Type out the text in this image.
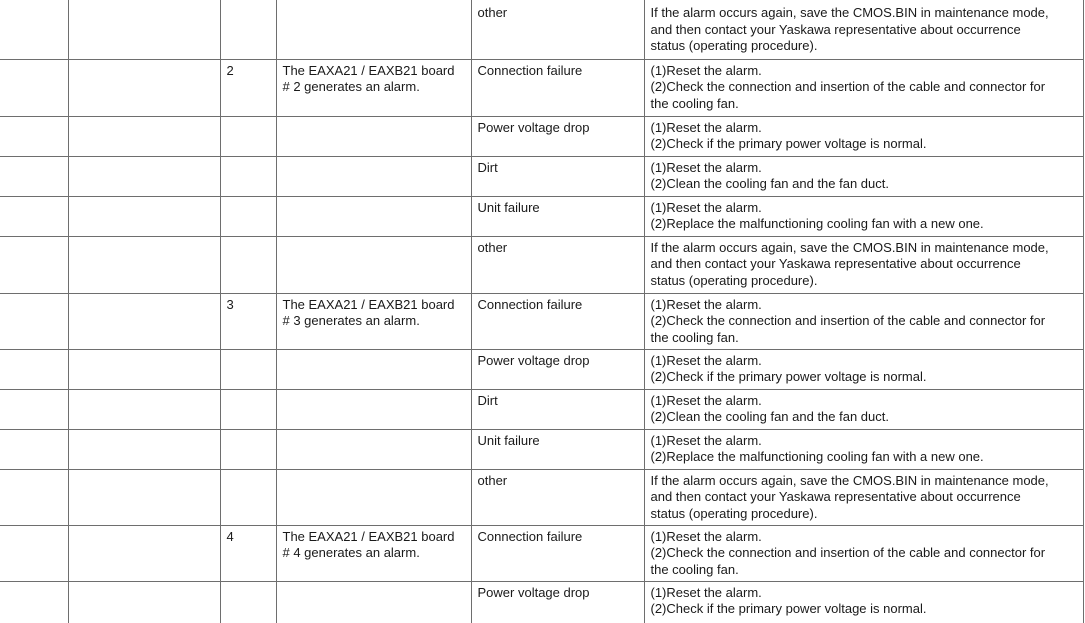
				other	If the alarm occurs again, save the CMOS.BIN in maintenance mode,
and then contact your Yaskawa representative about occurrence
status (operating procedure).

		2	The EAXA21 / EAXB21 board
# 2 generates an alarm.	Connection failure	(1)Reset the alarm.
(2)Check the connection and insertion of the cable and connector for
the cooling fan.

				Power voltage drop	(1)Reset the alarm.
(2)Check if the primary power voltage is normal.

				Dirt	(1)Reset the alarm.
(2)Clean the cooling fan and the fan duct.

				Unit failure	(1)Reset the alarm.
(2)Replace the malfunctioning cooling fan with a new one.

				other	If the alarm occurs again, save the CMOS.BIN in maintenance mode,
and then contact your Yaskawa representative about occurrence
status (operating procedure).

		3	The EAXA21 / EAXB21 board
# 3 generates an alarm.	Connection failure	(1)Reset the alarm.
(2)Check the connection and insertion of the cable and connector for
the cooling fan.

				Power voltage drop	(1)Reset the alarm.
(2)Check if the primary power voltage is normal.

				Dirt	(1)Reset the alarm.
(2)Clean the cooling fan and the fan duct.

				Unit failure	(1)Reset the alarm.
(2)Replace the malfunctioning cooling fan with a new one.

				other	If the alarm occurs again, save the CMOS.BIN in maintenance mode,
and then contact your Yaskawa representative about occurrence
status (operating procedure).

		4	The EAXA21 / EAXB21 board
# 4 generates an alarm.	Connection failure	(1)Reset the alarm.
(2)Check the connection and insertion of the cable and connector for
the cooling fan.

				Power voltage drop	(1)Reset the alarm.
(2)Check if the primary power voltage is normal.
